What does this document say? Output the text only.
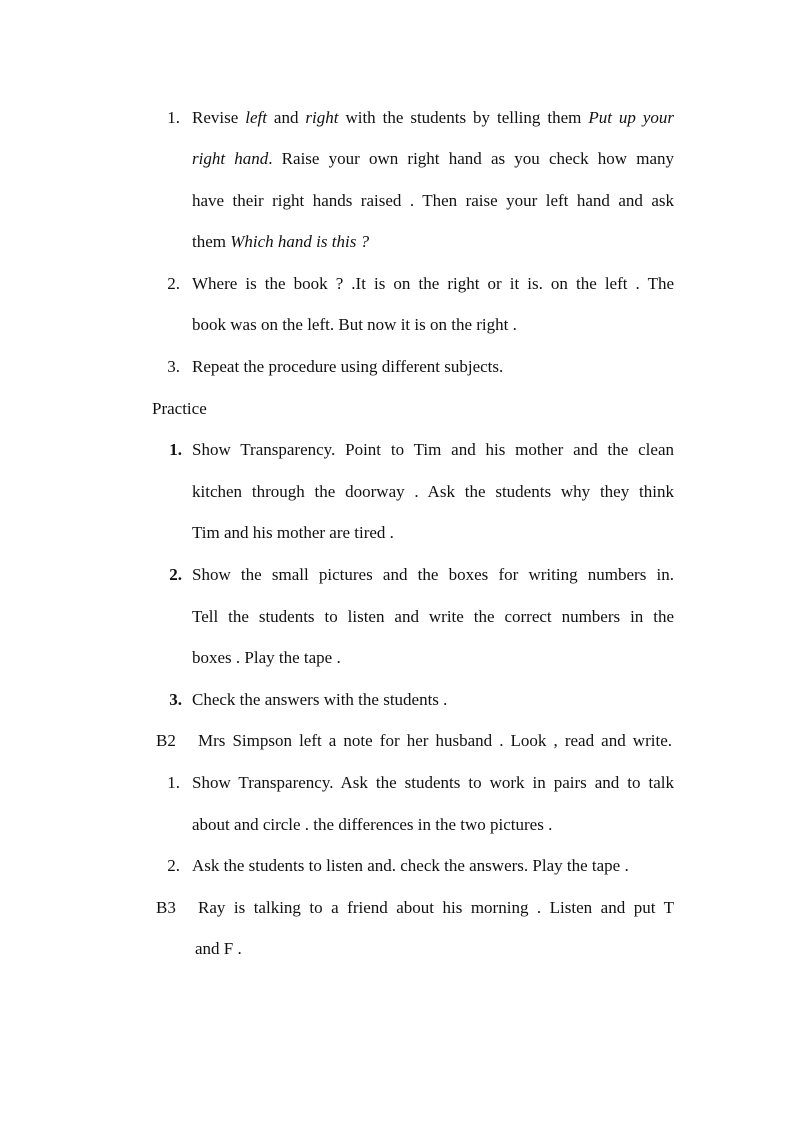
1. Revise left and right with the students by telling them Put up your
right hand. Raise your own right hand as you check how many
have their right hands raised . Then raise your left hand and ask
them Which hand is this ?
2. Where is the book ? .It is on the right or it is. on the left . The
book was on the left. But now it is on the right .
3. Repeat the procedure using different subjects.
Practice
1. Show Transparency. Point to Tim and his mother and the clean
kitchen through the doorway . Ask the students why they think
Tim and his mother are tired .
2. Show the small pictures and the boxes for writing numbers in.
Tell the students to listen and write the correct numbers in the
boxes . Play the tape .
3. Check the answers with the students .
B2 Mrs Simpson left a note for her husband . Look , read and write.
1. Show Transparency. Ask the students to work in pairs and to talk
about and circle . the differences in the two pictures .
2. Ask the students to listen and. check the answers. Play the tape .
B3 Ray is talking to a friend about his morning . Listen and put T
and F .
